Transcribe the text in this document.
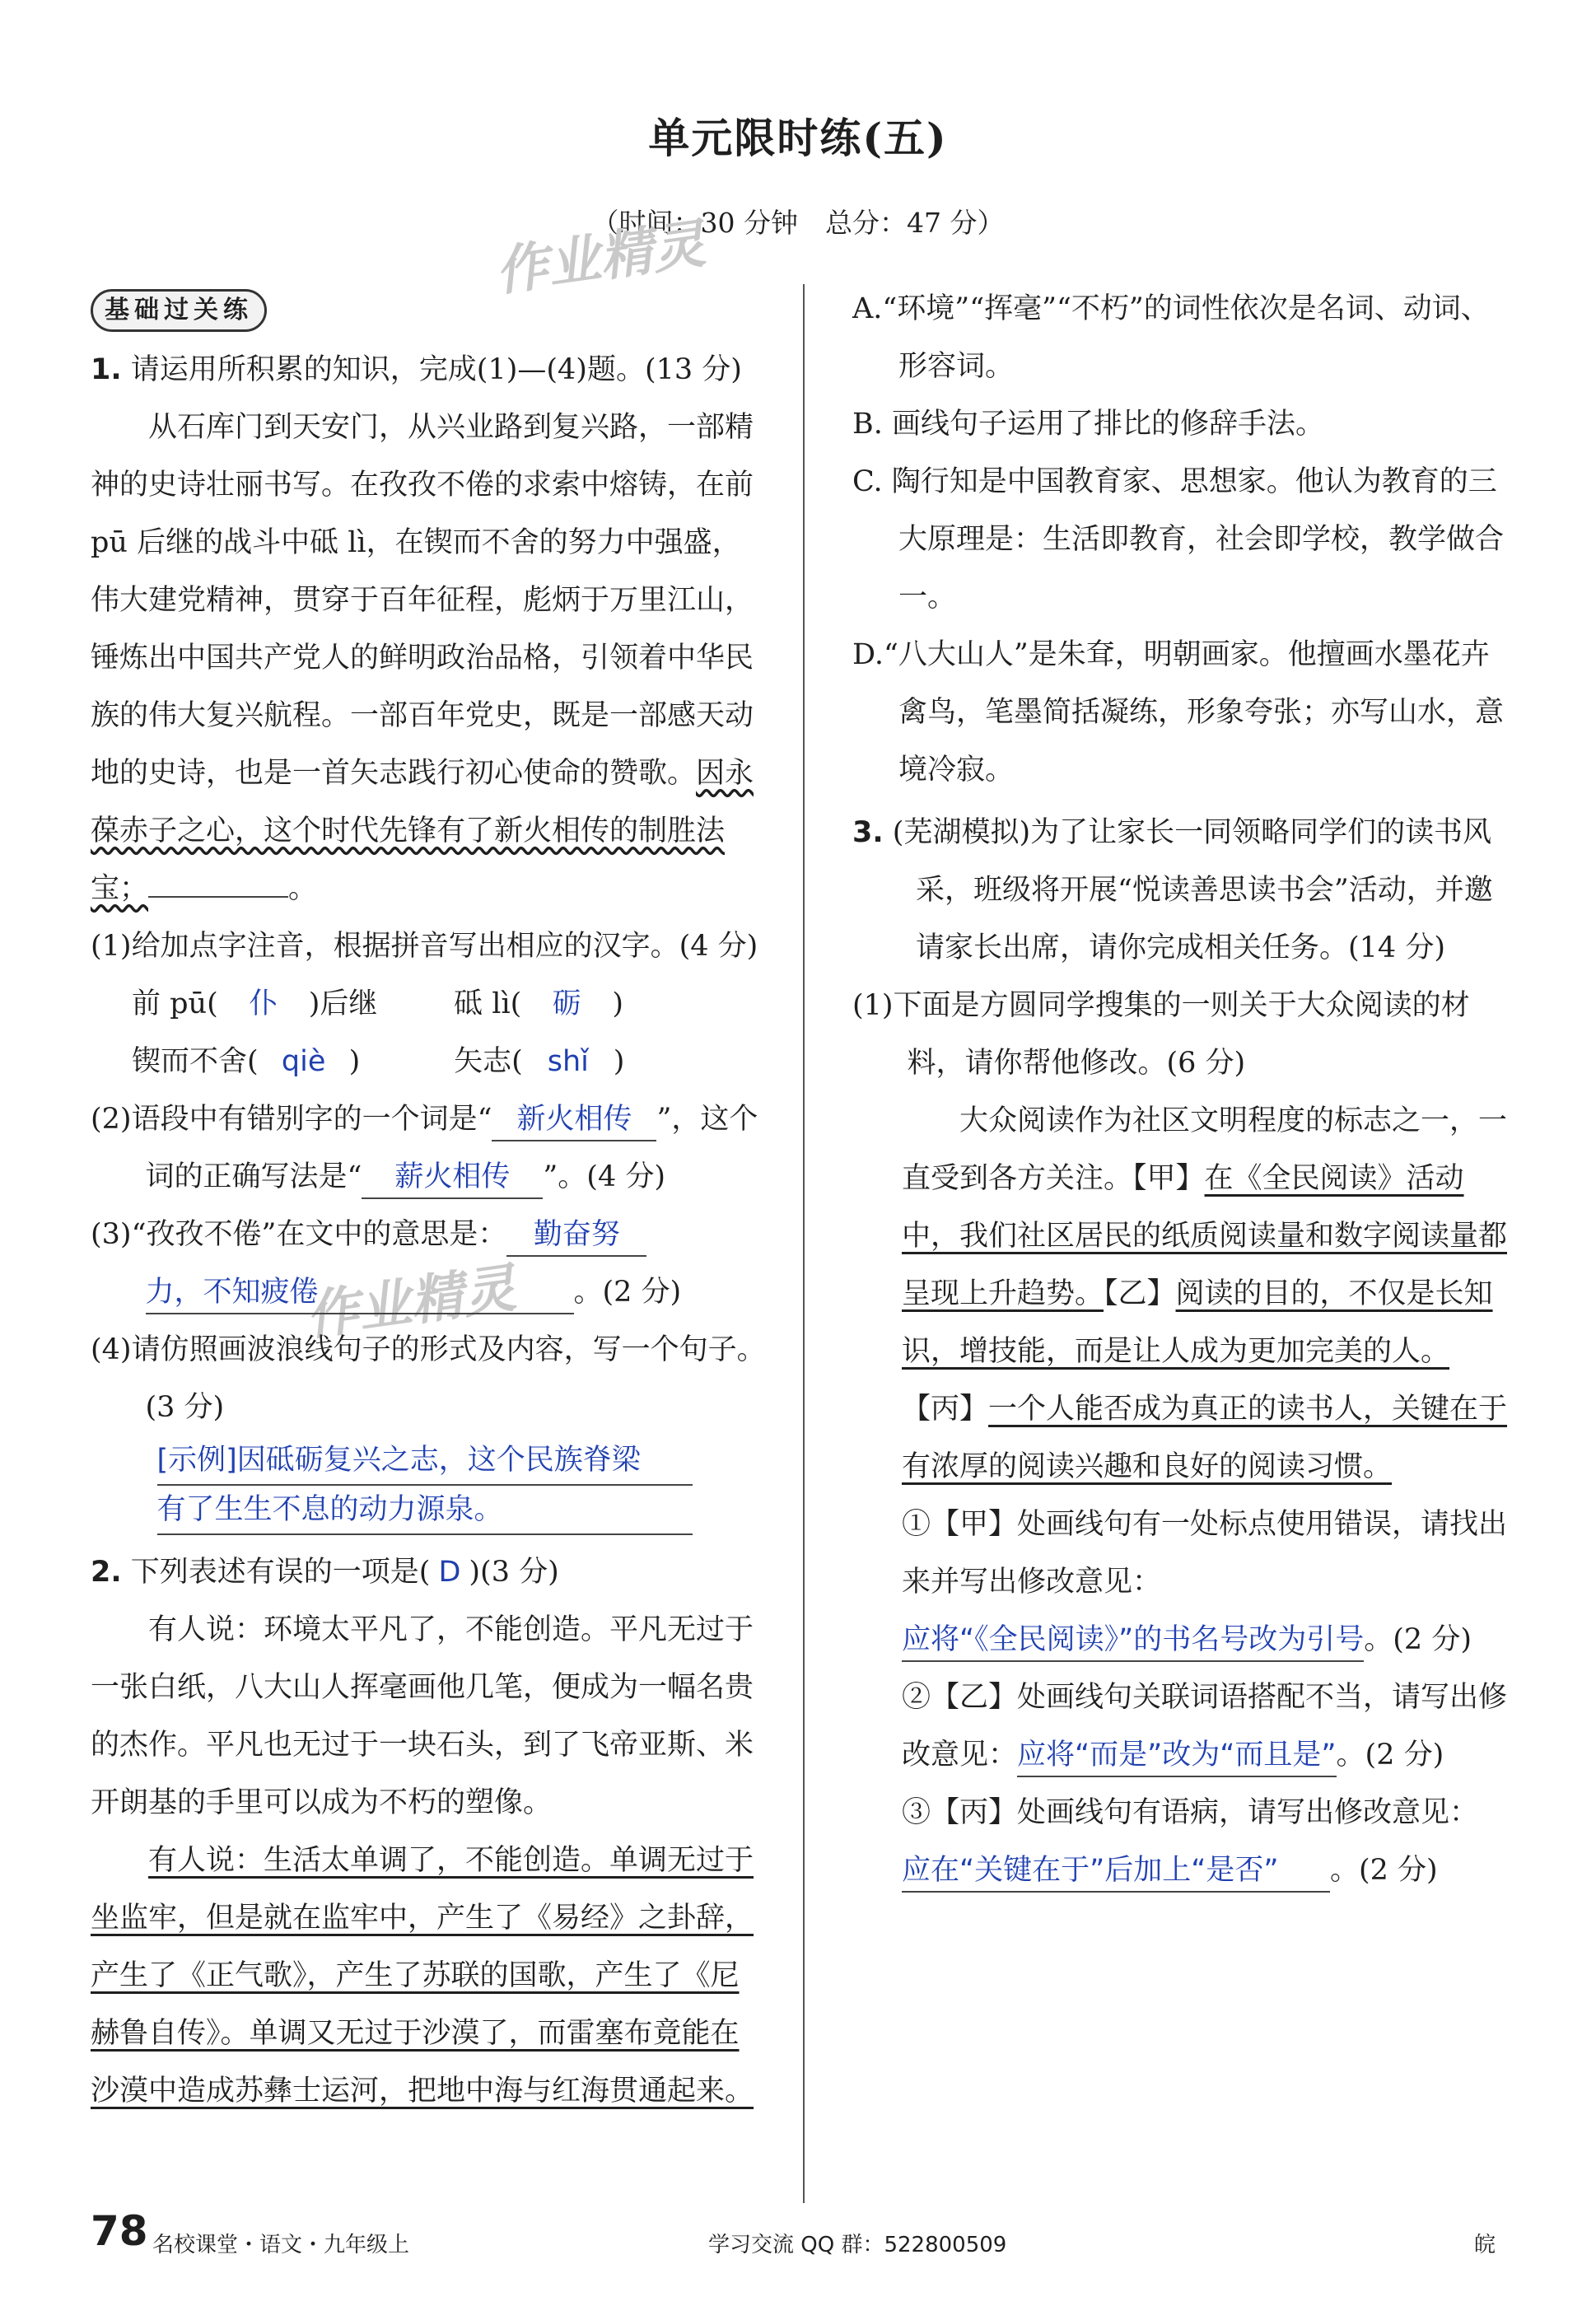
单元限时练(五)
（时间：30 分钟　总分：47 分）
作业精灵
作业精灵
基础过关练

1. 请运用所积累的知识，完成(1)—(4)题。(13 分)

从石库门到天安门，从兴业路到复兴路，一部精神的史诗壮丽书写。在孜孜不倦的求索中熔铸，在前 pū 后继的战斗中砥 lì，在锲而不舍的努力中强盛，伟大建党精神，贯穿于百年征程，彪炳于万里江山，锤炼出中国共产党人的鲜明政治品格，引领着中华民族的伟大复兴航程。一部百年党史，既是一部感天动地的史诗，也是一首矢志践行初心使命的赞歌。因永葆赤子之心，这个时代先锋有了新火相传的制胜法宝；	。

(1)给加点字注音，根据拼音写出相应的汉字。(4 分)

前 pū( 仆 )后继	砥 lì( 砺 )
锲而不舍( qiè )	矢志( shǐ )

(2)语段中有错别字的一个词是“ 新火相传 ”，这个词的正确写法是“ 薪火相传 ”。(4 分)

(3)“孜孜不倦”在文中的意思是： 勤奋努力，不知疲倦	。(2 分)

(4)请仿照画波浪线句子的形式及内容，写一个句子。(3 分)

[示例]因砥砺复兴之志，这个民族脊梁
有了生生不息的动力源泉。

2. 下列表述有误的一项是( D )(3 分)

有人说：环境太平凡了，不能创造。平凡无过于一张白纸，八大山人挥毫画他几笔，便成为一幅名贵的杰作。平凡也无过于一块石头，到了飞帝亚斯、米开朗基的手里可以成为不朽的塑像。

有人说：生活太单调了，不能创造。单调无过于坐监牢，但是就在监牢中，产生了《易经》之卦辞，产生了《正气歌》，产生了苏联的国歌，产生了《尼赫鲁自传》。单调又无过于沙漠了，而雷塞布竟能在沙漠中造成苏彝士运河，把地中海与红海贯通起来。

78 名校课堂・语文・九年级上	学习交流 QQ 群：522800509	皖

A.“环境”“挥毫”“不朽”的词性依次是名词、动词、形容词。

B. 画线句子运用了排比的修辞手法。

C. 陶行知是中国教育家、思想家。他认为教育的三大原理是：生活即教育，社会即学校，教学做合一。

D.“八大山人”是朱耷，明朝画家。他擅画水墨花卉禽鸟，笔墨简括凝练，形象夸张；亦写山水，意境冷寂。

3. (芜湖模拟)为了让家长一同领略同学们的读书风采，班级将开展“悦读善思读书会”活动，并邀请家长出席，请你完成相关任务。(14 分)

(1)下面是方圆同学搜集的一则关于大众阅读的材料，请你帮他修改。(6 分)

大众阅读作为社区文明程度的标志之一，一直受到各方关注。【甲】在《全民阅读》活动中，我们社区居民的纸质阅读量和数字阅读量都呈现上升趋势。【乙】阅读的目的，不仅是长知识，增技能，而是让人成为更加完美的人。【丙】一个人能否成为真正的读书人，关键在于有浓厚的阅读兴趣和良好的阅读习惯。

①【甲】处画线句有一处标点使用错误，请找出来并写出修改意见：应将“《全民阅读》”的书名号改为引号。(2 分)

②【乙】处画线句关联词语搭配不当，请写出修改意见：应将“而是”改为“而且是”。(2 分)

③【丙】处画线句有语病，请写出修改意见：应在“关键在于”后加上“是否” 。(2 分)
